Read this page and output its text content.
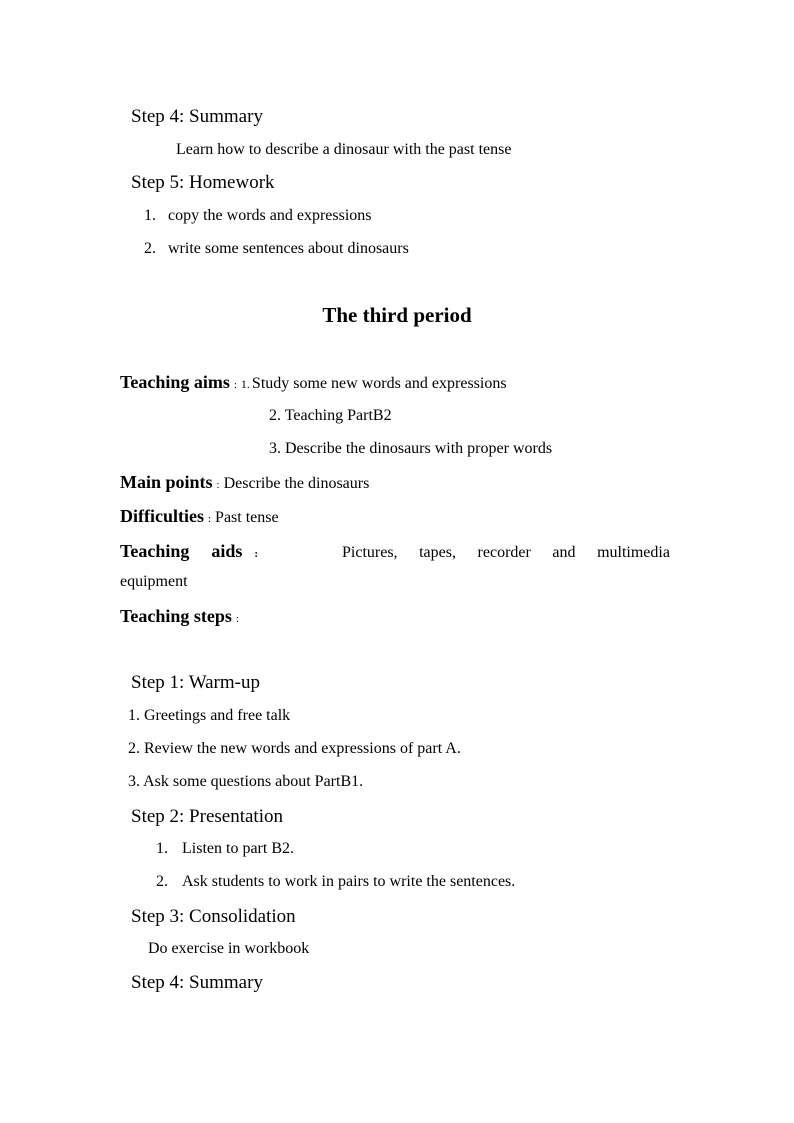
Step 4: Summary
Learn how to describe a dinosaur with the past tense
Step 5: Homework
1. copy the words and expressions
2. write some sentences about dinosaurs
The third period
Teaching aims : 1. Study some new words and expressions
2. Teaching PartB2
3. Describe the dinosaurs with proper words
Main points : Describe the dinosaurs
Difficulties : Past tense
Teaching aids :	Pictures, tapes, recorder and multimedia
equipment
Teaching steps :
Step 1: Warm-up
1. Greetings and free talk
2. Review the new words and expressions of part A.
3. Ask some questions about PartB1.
Step 2: Presentation
1. Listen to part B2.
2. Ask students to work in pairs to write the sentences.
Step 3: Consolidation
Do exercise in workbook
Step 4: Summary
